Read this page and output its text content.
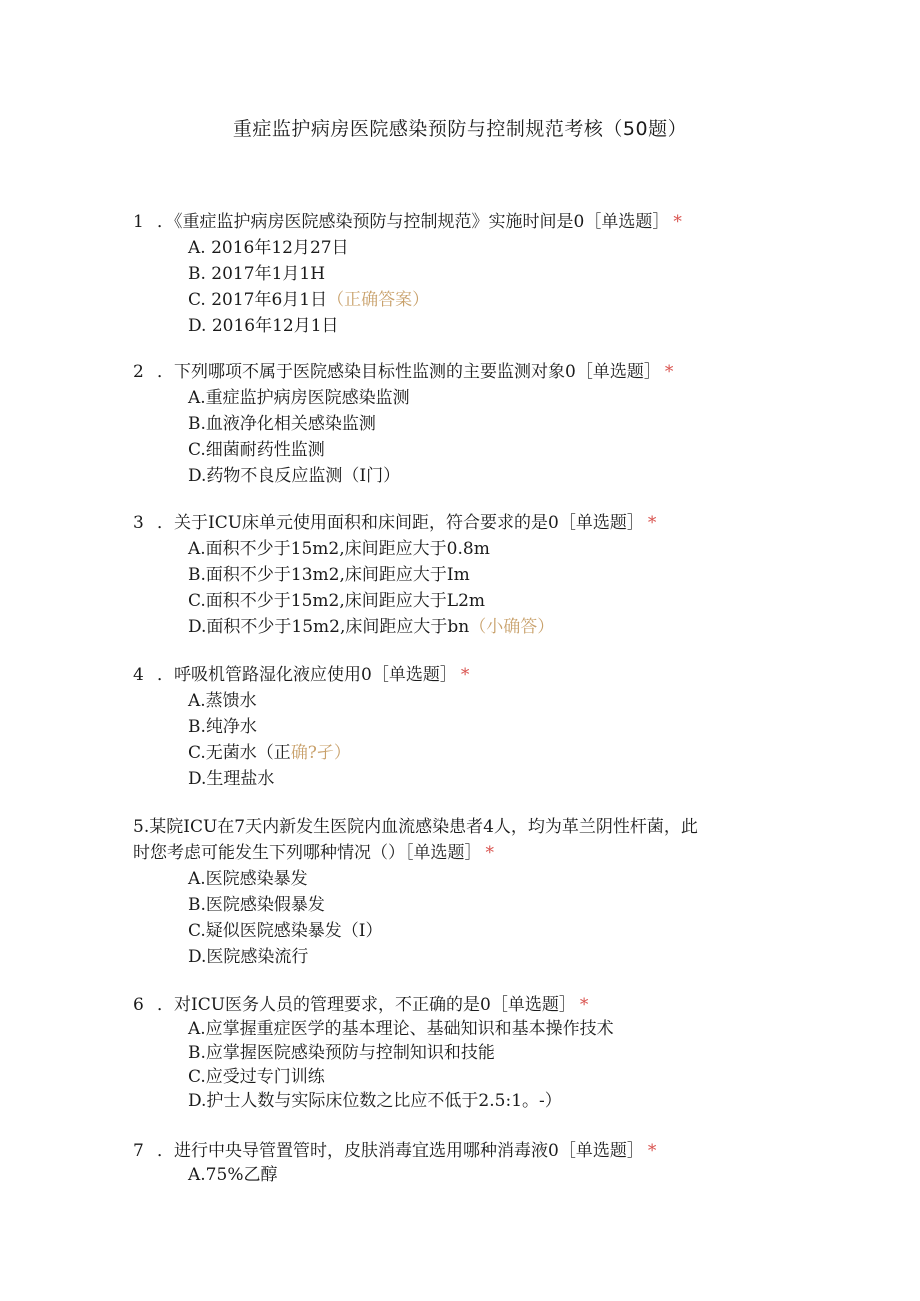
重症监护病房医院感染预防与控制规范考核（50题）
1 ．《重症监护病房医院感染预防与控制规范》实施时间是0［单选题］ *
A. 2016年12月27日
B. 2017年1月1H
C. 2017年6月1日（正确答案）
D. 2016年12月1日
2 ．下列哪项不属于医院感染目标性监测的主要监测对象0［单选题］ *
A.重症监护病房医院感染监测
B.血液净化相关感染监测
C.细菌耐药性监测
D.药物不良反应监测（I门）
3 ．关于ICU床单元使用面积和床间距，符合要求的是0［单选题］ *
A.面积不少于15m2,床间距应大于0.8m
B.面积不少于13m2,床间距应大于Im
C.面积不少于15m2,床间距应大于L2m
D.面积不少于15m2,床间距应大于bn（小确答）
4 ．呼吸机管路湿化液应使用0［单选题］ *
A.蒸馈水
B.纯净水
C.无菌水（正确?孑）
D.生理盐水
5.某院ICU在7天内新发生医院内血流感染患者4人，均为革兰阴性杆菌，此
时您考虑可能发生下列哪种情况（）［单选题］ *
A.医院感染暴发
B.医院感染假暴发
C.疑似医院感染暴发（I）
D.医院感染流行
6 ．对ICU医务人员的管理要求，不正确的是0［单选题］ *
A.应掌握重症医学的基本理论、基础知识和基本操作技术
B.应掌握医院感染预防与控制知识和技能
C.应受过专门训练
D.护士人数与实际床位数之比应不低于2.5:1。-）
7 ．进行中央导管置管时，皮肤消毒宜选用哪种消毒液0［单选题］ *
A.75%乙醇
